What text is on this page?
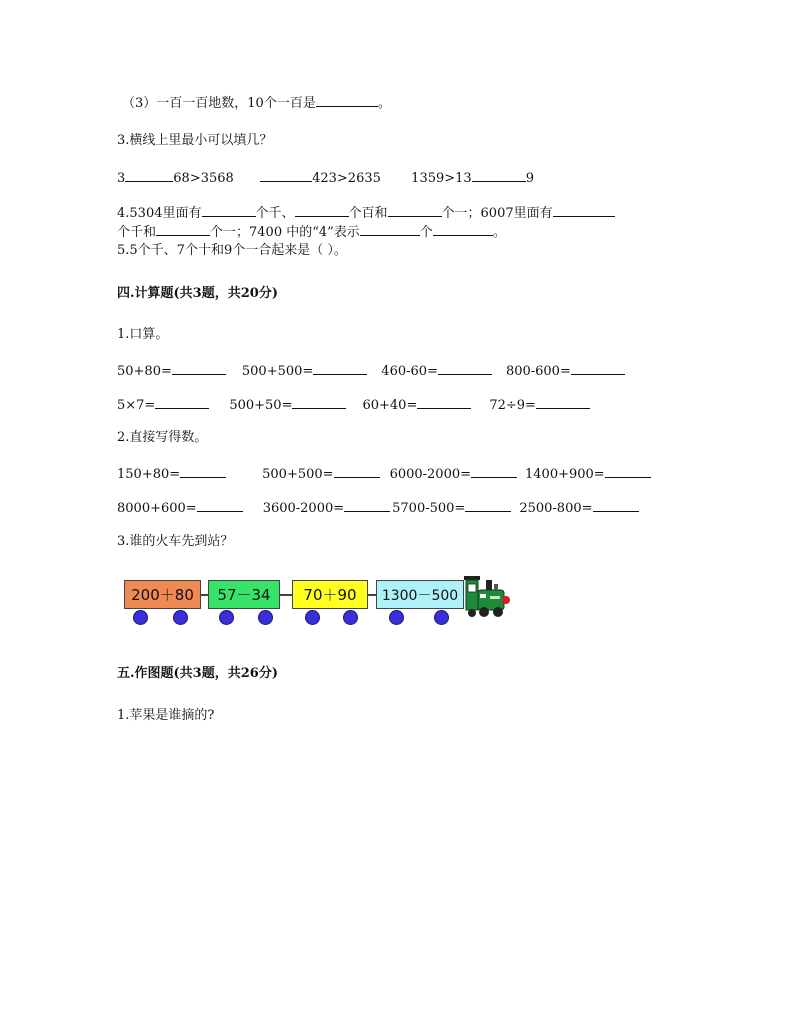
（3）一百一百地数，10个一百是	。
3.横线上里最小可以填几？
3	68>3568	423>2635 1359>13	9
4.5304里面有	个千、	个百和	个一；6007里面有
个千和	个一；7400 中的“4”表示	个	。
5.5个千、7个十和9个一合起来是（ ）。
四.计算题(共3题，共20分)
1.口算。
50+80=	500+500=	460-60=	800-600=
5×7=	500+50=	60+40=	72÷9=
2.直接写得数。
150+80=	500+500=	6000-2000=	1400+900=
8000+600=	3600-2000=	5700-500=	2500-800=
3.谁的火车先到站？
200＋80 57－34 70＋90 1300－500
五.作图题(共3题，共26分)
1.苹果是谁摘的?
